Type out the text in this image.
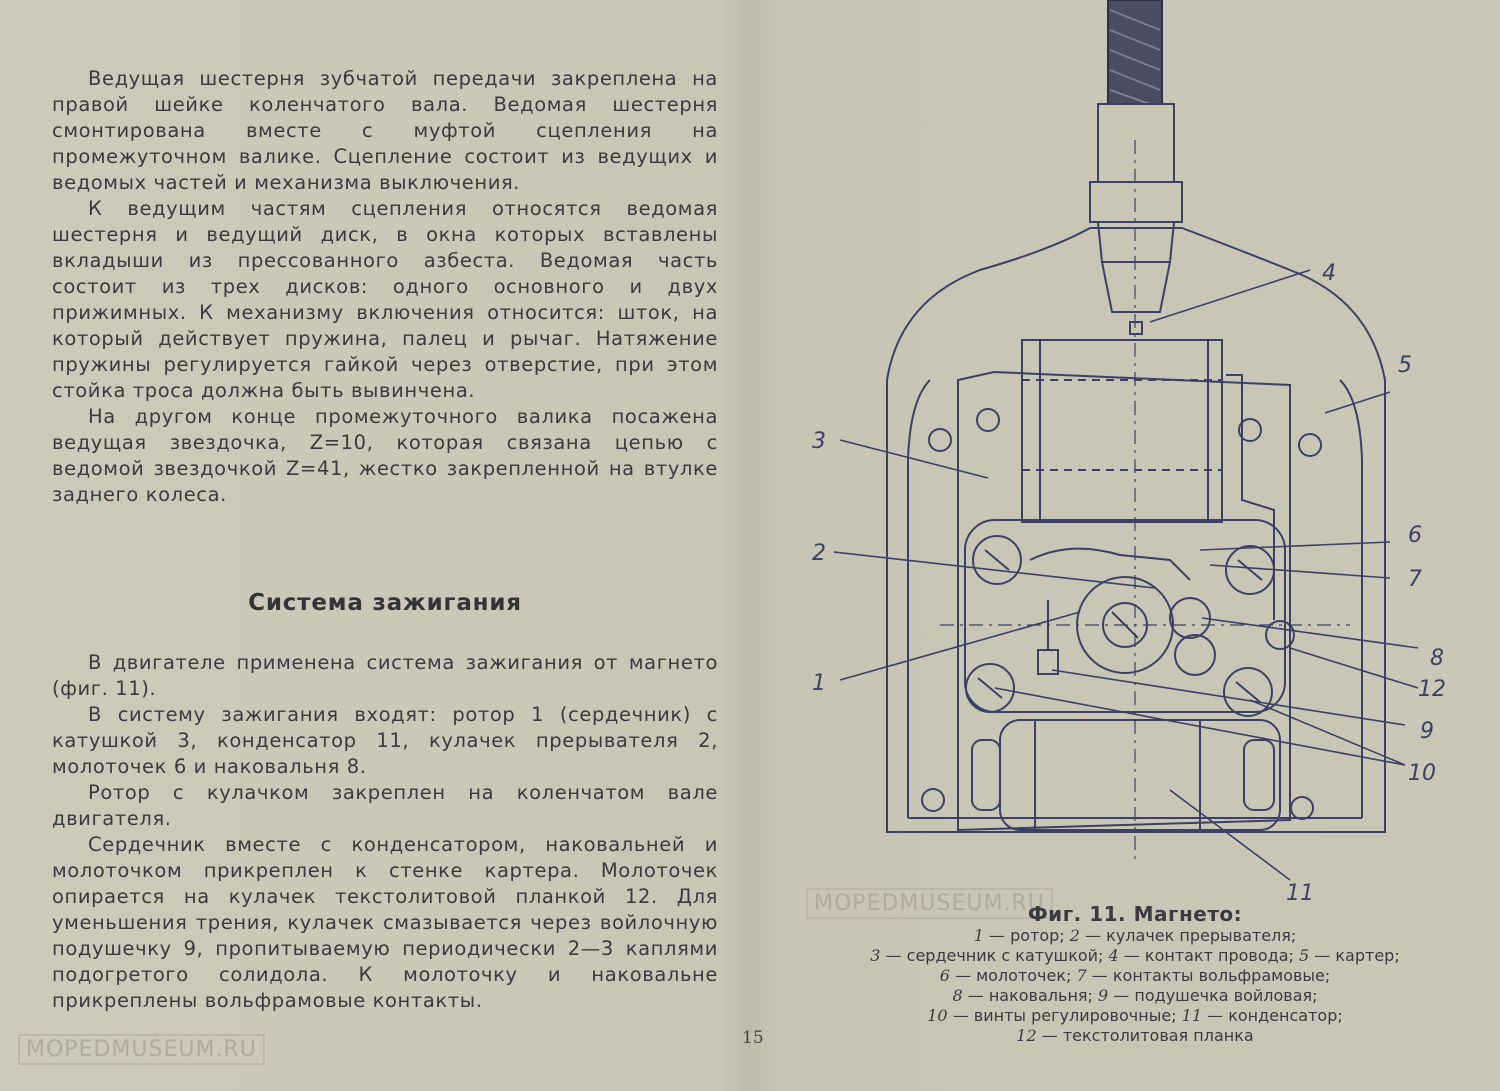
Ведущая шестерня зубчатой передачи закреплена на правой шейке коленчатого вала. Ведомая шестерня смонтирована вместе с муфтой сцепления на промежуточном валике. Сцепление состоит из ведущих и ведомых частей и механизма выключения.

К ведущим частям сцепления относятся ведомая шестерня и ведущий диск, в окна которых вставлены вкладыши из прессованного азбеста. Ведомая часть состоит из трех дисков: одного основного и двух прижимных. К механизму включения относится: шток, на который действует пружина, палец и рычаг. Натяжение пружины регулируется гайкой через отверстие, при этом стойка троса должна быть вывинчена.

На другом конце промежуточного валика посажена ведущая звездочка, Z=10, которая связана цепью с ведомой звездочкой Z=41, жестко закрепленной на втулке заднего колеса.

Система зажигания

В двигателе применена система зажигания от магнето (фиг. 11).

В систему зажигания входят: ротор 1 (сердечник) с катушкой 3, конденсатор 11, кулачек прерывателя 2, молоточек 6 и наковальня 8.

Ротор с кулачком закреплен на коленчатом вале двигателя.

Сердечник вместе с конденсатором, наковальней и молоточком прикреплен к стенке картера. Молоточек опирается на кулачек текстолитовой планкой 12. Для уменьшения трения, кулачек смазывается через войлочную подушечку 9, пропитываемую периодически 2—3 каплями подогретого солидола. К молоточку и наковальне прикреплены вольфрамовые контакты.

15
MOPEDMUSEUM.RU
MOPEDMUSEUM.RU
1
2
3
4
5
6
7
8
9
10
11
12
Фиг. 11. Магнето:
1 — ротор; 2 — кулачек прерывателя;
3 — сердечник с катушкой; 4 — контакт провода; 5 — картер;
6 — молоточек; 7 — контакты вольфрамовые;
8 — наковальня; 9 — подушечка войловая;
10 — винты регулировочные; 11 — конденсатор;
12 — текстолитовая планка
